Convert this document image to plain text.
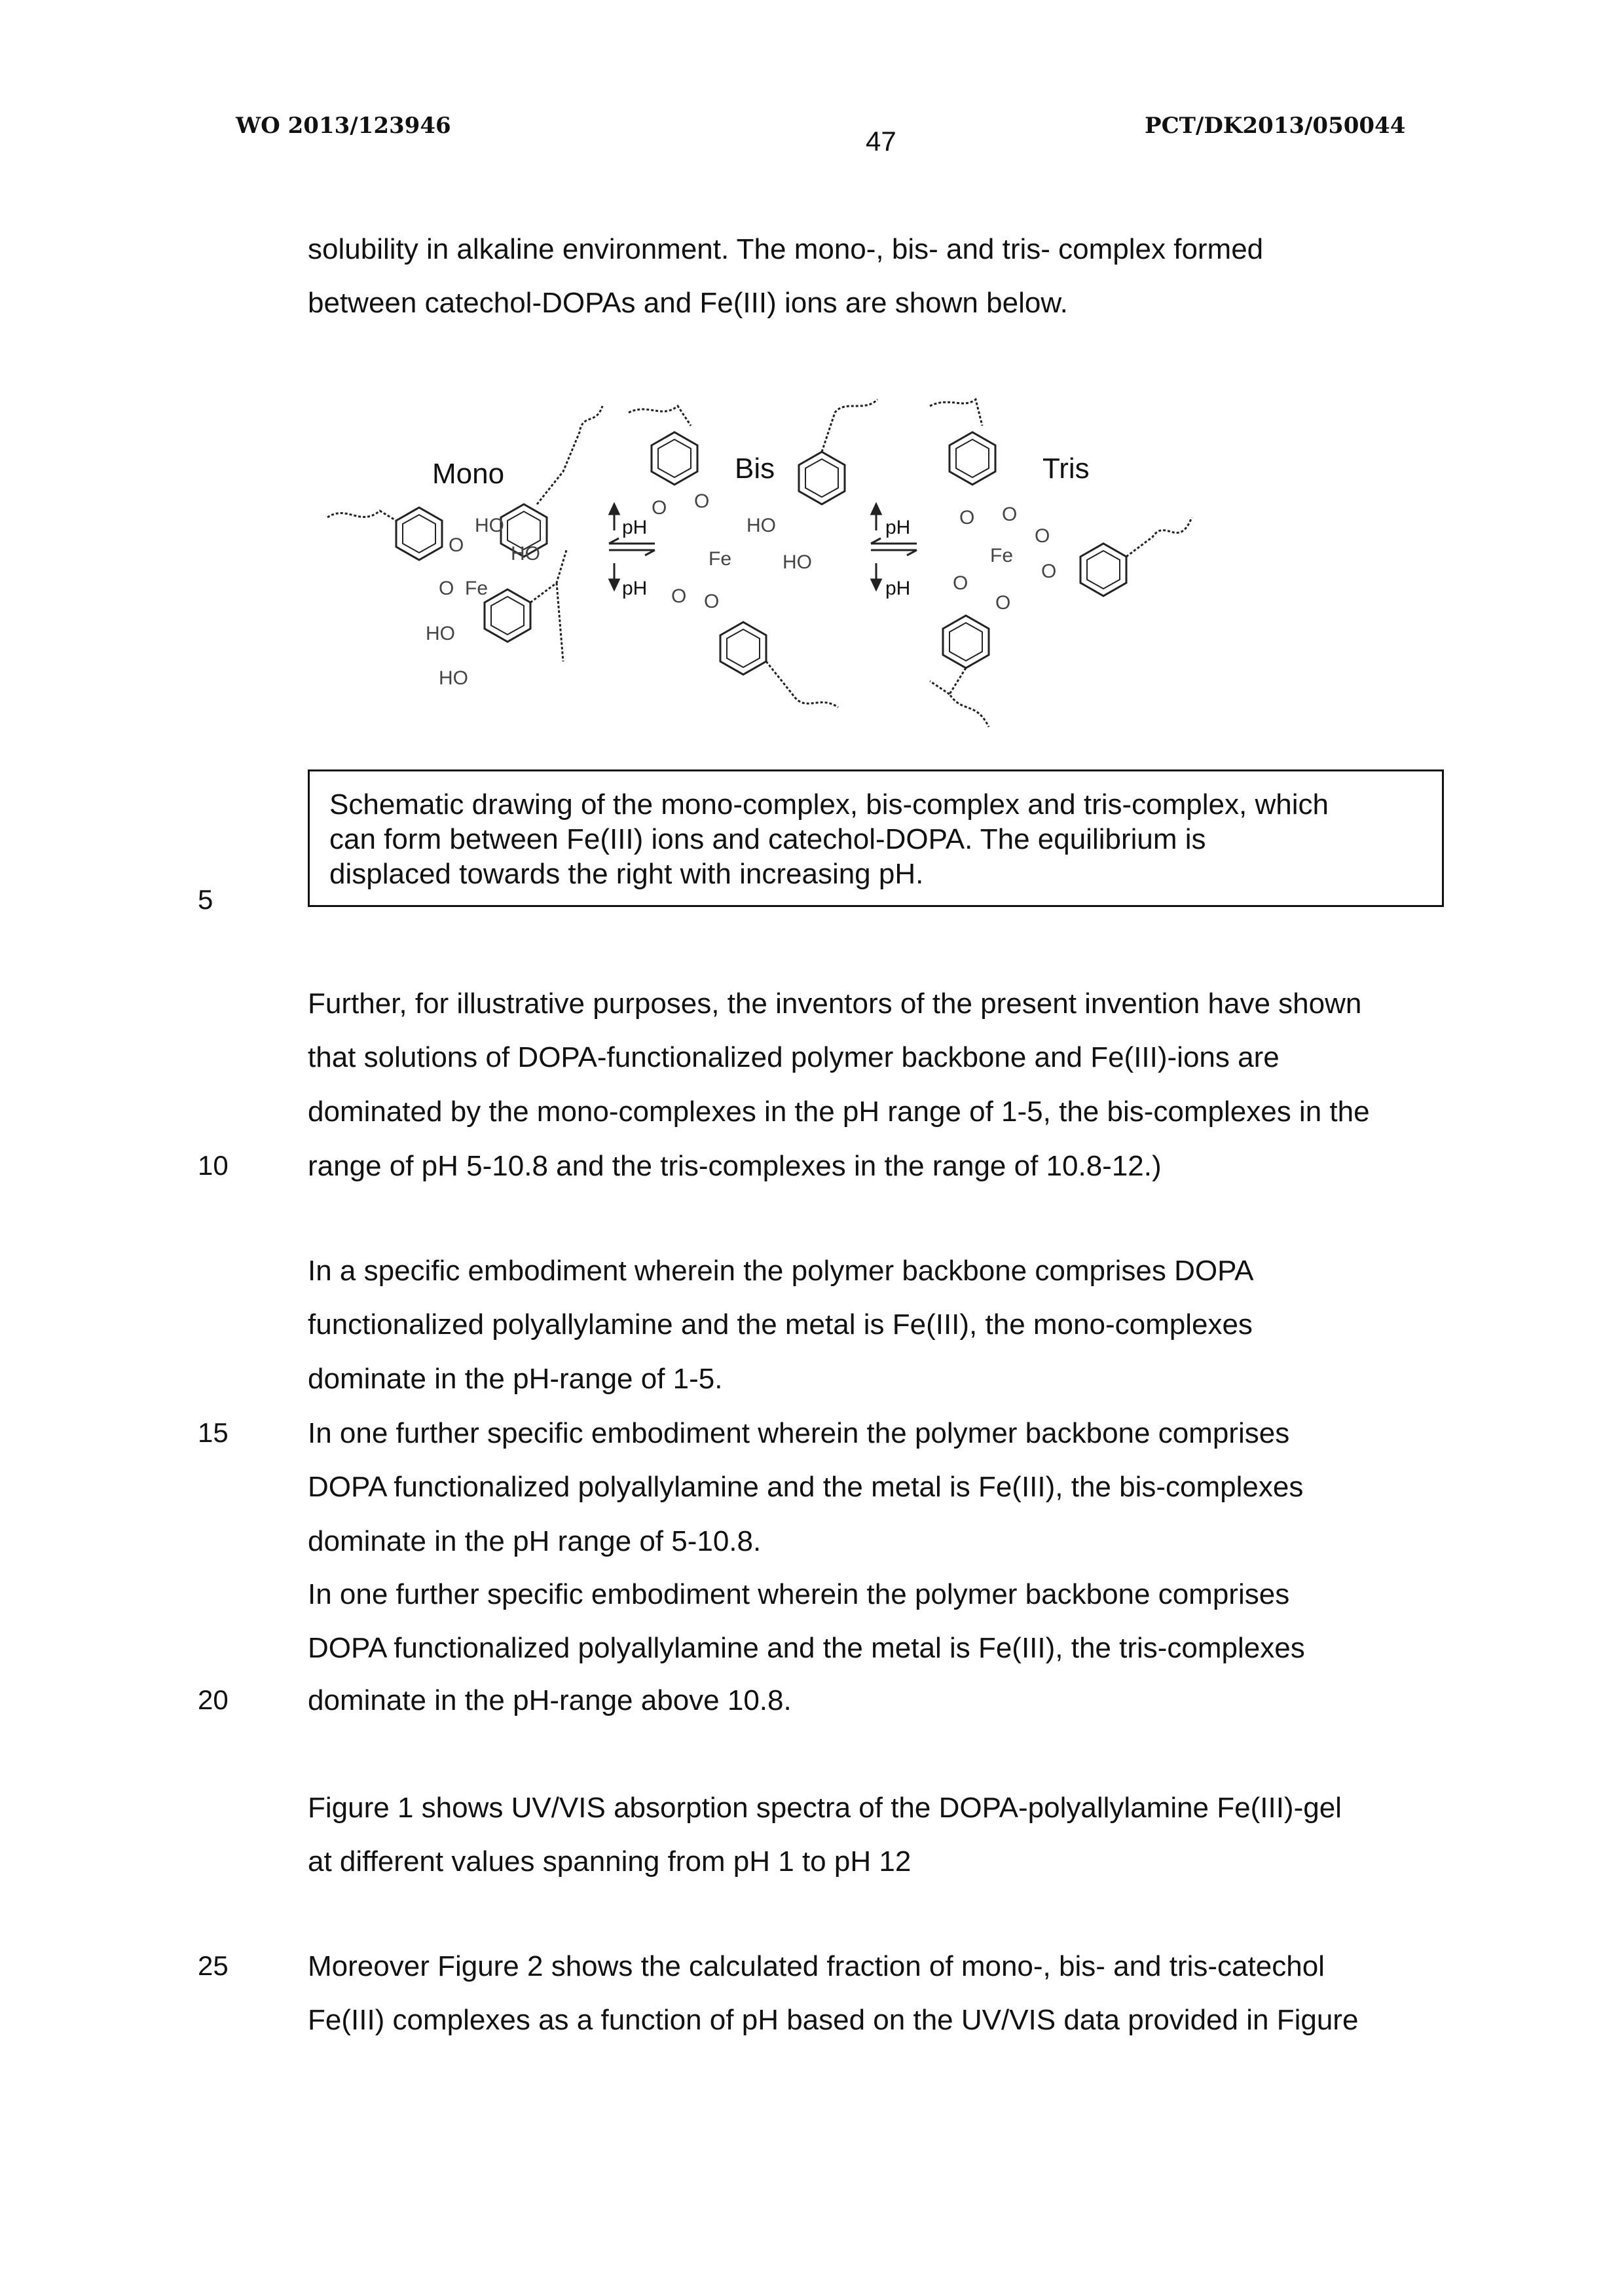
WO 2013/123946	47	PCT/DK2013/050044
solubility in alkaline environment. The mono-, bis- and tris- complex formed
between catechol-DOPAs and Fe(III) ions are shown below.
Mono
O
O Fe
HO
HO
HO
HO
pH
pH
Bis
O O
Fe
O O
HO
HO
pH
pH
Tris
O O
Fe
O
O
O
O
Schematic drawing of the mono-complex, bis-complex and tris-complex, which
can form between Fe(III) ions and catechol-DOPA. The equilibrium is
displaced towards the right with increasing pH.
5
10
15
20
25
Further, for illustrative purposes, the inventors of the present invention have shown
that solutions of DOPA-functionalized polymer backbone and Fe(III)-ions are
dominated by the mono-complexes in the pH range of 1-5, the bis-complexes in the
range of pH 5-10.8 and the tris-complexes in the range of 10.8-12.)
In a specific embodiment wherein the polymer backbone comprises DOPA
functionalized polyallylamine and the metal is Fe(III), the mono-complexes
dominate in the pH-range of 1-5.
In one further specific embodiment wherein the polymer backbone comprises
DOPA functionalized polyallylamine and the metal is Fe(III), the bis-complexes
dominate in the pH range of 5-10.8.
In one further specific embodiment wherein the polymer backbone comprises
DOPA functionalized polyallylamine and the metal is Fe(III), the tris-complexes
dominate in the pH-range above 10.8.
Figure 1 shows UV/VIS absorption spectra of the DOPA-polyallylamine Fe(III)-gel
at different values spanning from pH 1 to pH 12
Moreover Figure 2 shows the calculated fraction of mono-, bis- and tris-catechol
Fe(III) complexes as a function of pH based on the UV/VIS data provided in Figure
